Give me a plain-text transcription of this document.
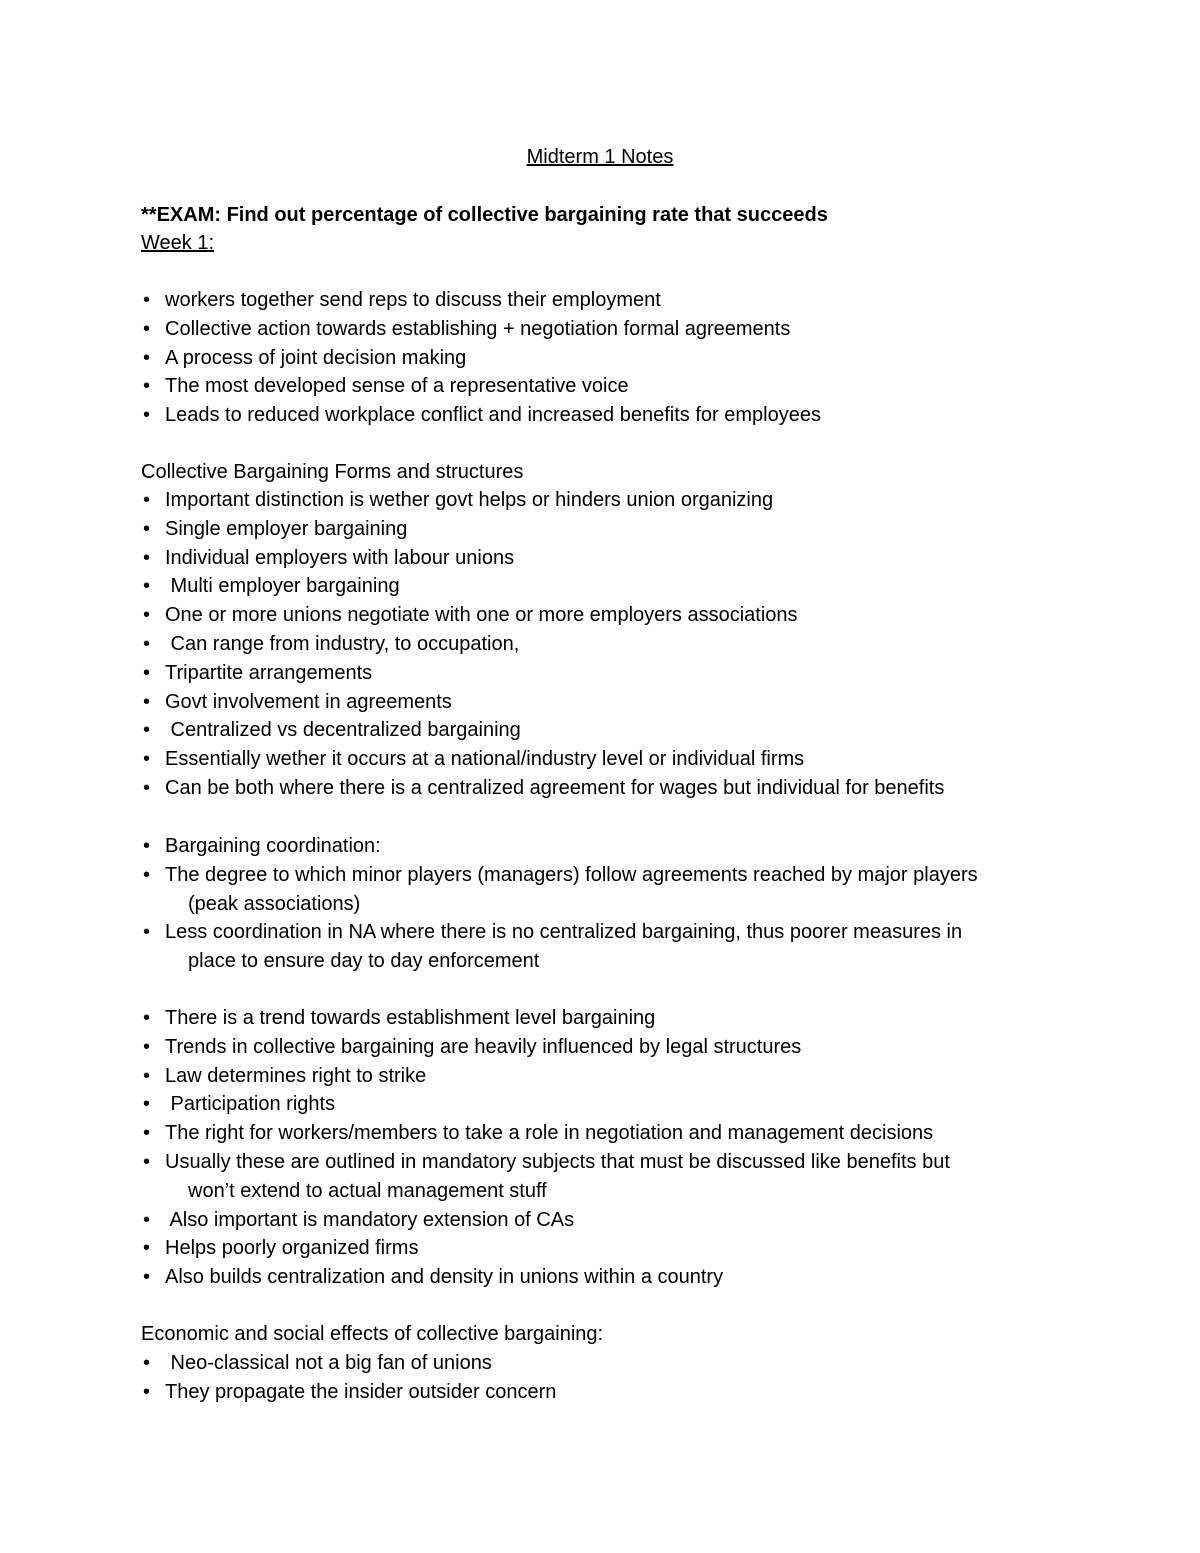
Midterm 1 Notes
**EXAM: Find out percentage of collective bargaining rate that succeeds
Week 1:
• workers together send reps to discuss their employment
• Collective action towards establishing + negotiation formal agreements
• A process of joint decision making
• The most developed sense of a representative voice
• Leads to reduced workplace conflict and increased benefits for employees
Collective Bargaining Forms and structures
• Important distinction is wether govt helps or hinders union organizing
• Single employer bargaining
• Individual employers with labour unions
• Multi employer bargaining
• One or more unions negotiate with one or more employers associations
• Can range from industry, to occupation,
• Tripartite arrangements
• Govt involvement in agreements
• Centralized vs decentralized bargaining
• Essentially wether it occurs at a national/industry level or individual firms
• Can be both where there is a centralized agreement for wages but individual for benefits
• Bargaining coordination:
• The degree to which minor players (managers) follow agreements reached by major players
(peak associations)
• Less coordination in NA where there is no centralized bargaining, thus poorer measures in
place to ensure day to day enforcement
• There is a trend towards establishment level bargaining
• Trends in collective bargaining are heavily influenced by legal structures
• Law determines right to strike
• Participation rights
• The right for workers/members to take a role in negotiation and management decisions
• Usually these are outlined in mandatory subjects that must be discussed like benefits but
won’t extend to actual management stuff
• Also important is mandatory extension of CAs
• Helps poorly organized firms
• Also builds centralization and density in unions within a country
Economic and social effects of collective bargaining:
• Neo-classical not a big fan of unions
• They propagate the insider outsider concern
